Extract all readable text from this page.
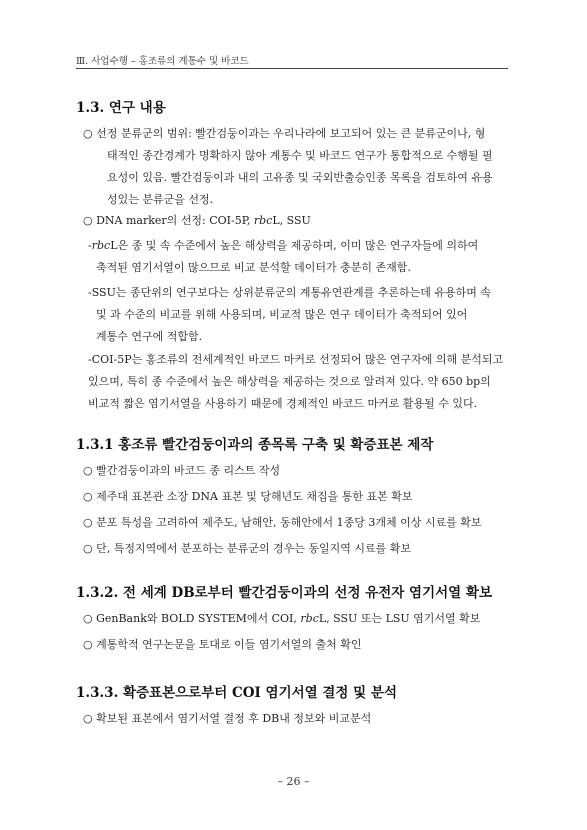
Ⅲ. 사업수행 – 홍조류의 계통수 및 바코드
1.3. 연구 내용
○ 선정 분류군의 범위: 빨간검둥이과는 우리나라에 보고되어 있는 큰 분류군이나, 형
태적인 종간경계가 명확하지 않아 계통수 및 바코드 연구가 통합적으로 수행될 필
요성이 있음. 빨간검둥이과 내의 고유종 및 국외반출승인종 목록을 검토하여 유용
성있는 분류군을 선정.
○ DNA marker의 선정: COI-5P, rbcL, SSU
-rbcL은 종 및 속 수준에서 높은 해상력을 제공하며, 이미 많은 연구자들에 의하여
축적된 염기서열이 많으므로 비교 분석할 데이터가 충분히 존재함.
-SSU는 종단위의 연구보다는 상위분류군의 계통유연관계를 추론하는데 유용하며 속
및 과 수준의 비교를 위해 사용되며, 비교적 많은 연구 데이터가 축적되어 있어
계통수 연구에 적합함.
-COI-5P는 홍조류의 전세계적인 바코드 마커로 선정되어 많은 연구자에 의해 분석되고
있으며, 특히 종 수준에서 높은 해상력을 제공하는 것으로 알려져 있다. 약 650 bp의
비교적 짧은 염기서열을 사용하기 때문에 경제적인 바코드 마커로 활용될 수 있다.
1.3.1 홍조류 빨간검둥이과의 종목록 구축 및 확증표본 제작
○ 빨간검둥이과의 바코드 종 리스트 작성
○ 제주대 표본관 소장 DNA 표본 및 당해년도 채집을 통한 표본 확보
○ 분포 특성을 고려하여 제주도, 남해안, 동해안에서 1종당 3개체 이상 시료를 확보
○ 단, 특정지역에서 분포하는 분류군의 경우는 동일지역 시료를 확보
1.3.2. 전 세계 DB로부터 빨간검둥이과의 선정 유전자 염기서열 확보
○ GenBank와 BOLD SYSTEM에서 COI, rbcL, SSU 또는 LSU 염기서열 확보
○ 계통학적 연구논문을 토대로 이들 염기서열의 출처 확인
1.3.3. 확증표본으로부터 COI 염기서열 결정 및 분석
○ 확보된 표본에서 염기서열 결정 후 DB내 정보와 비교분석
– 26 –
